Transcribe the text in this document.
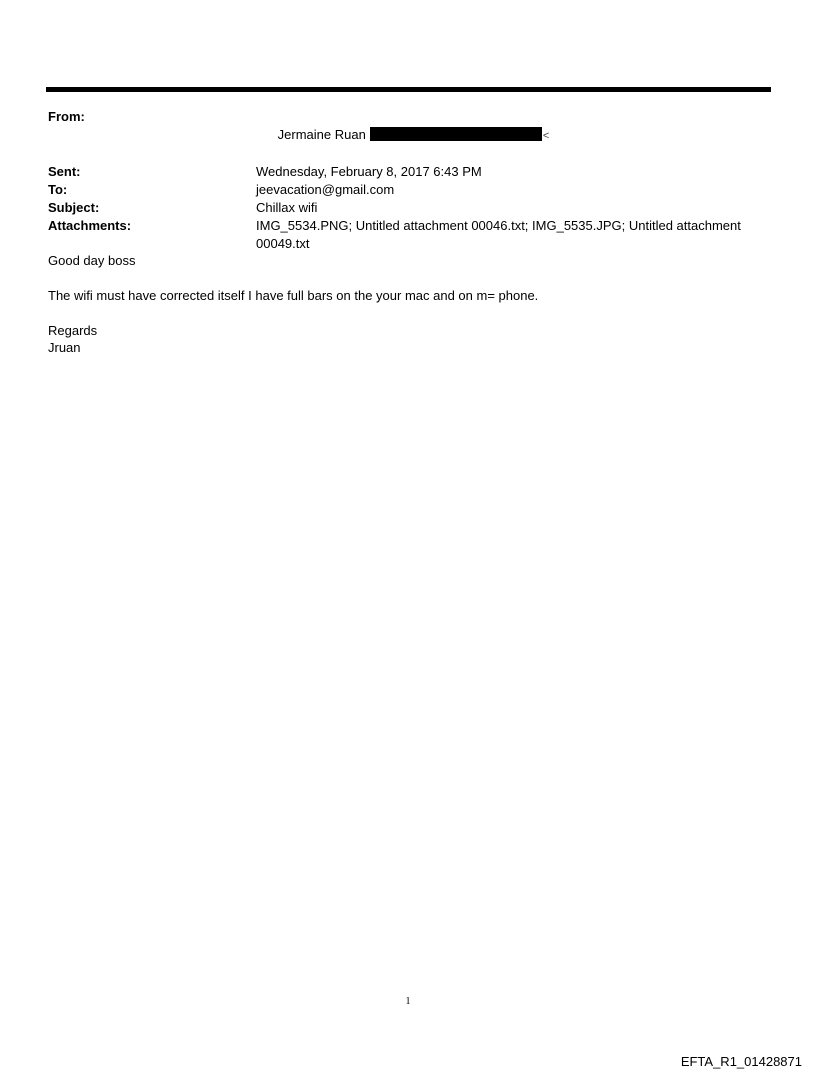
From:

Jermaine Ruan	<

Sent:	Wednesday, February 8, 2017 6:43 PM
To:	jeevacation@gmail.com
Subject:	Chillax wifi
Attachments:	IMG_5534.PNG; Untitled attachment 00046.txt; IMG_5535.JPG; Untitled attachment 00049.txt

Good day boss

The wifi must have corrected itself I have full bars on the your mac and on m= phone.

Regards

Jruan

1
EFTA_R1_01428871
